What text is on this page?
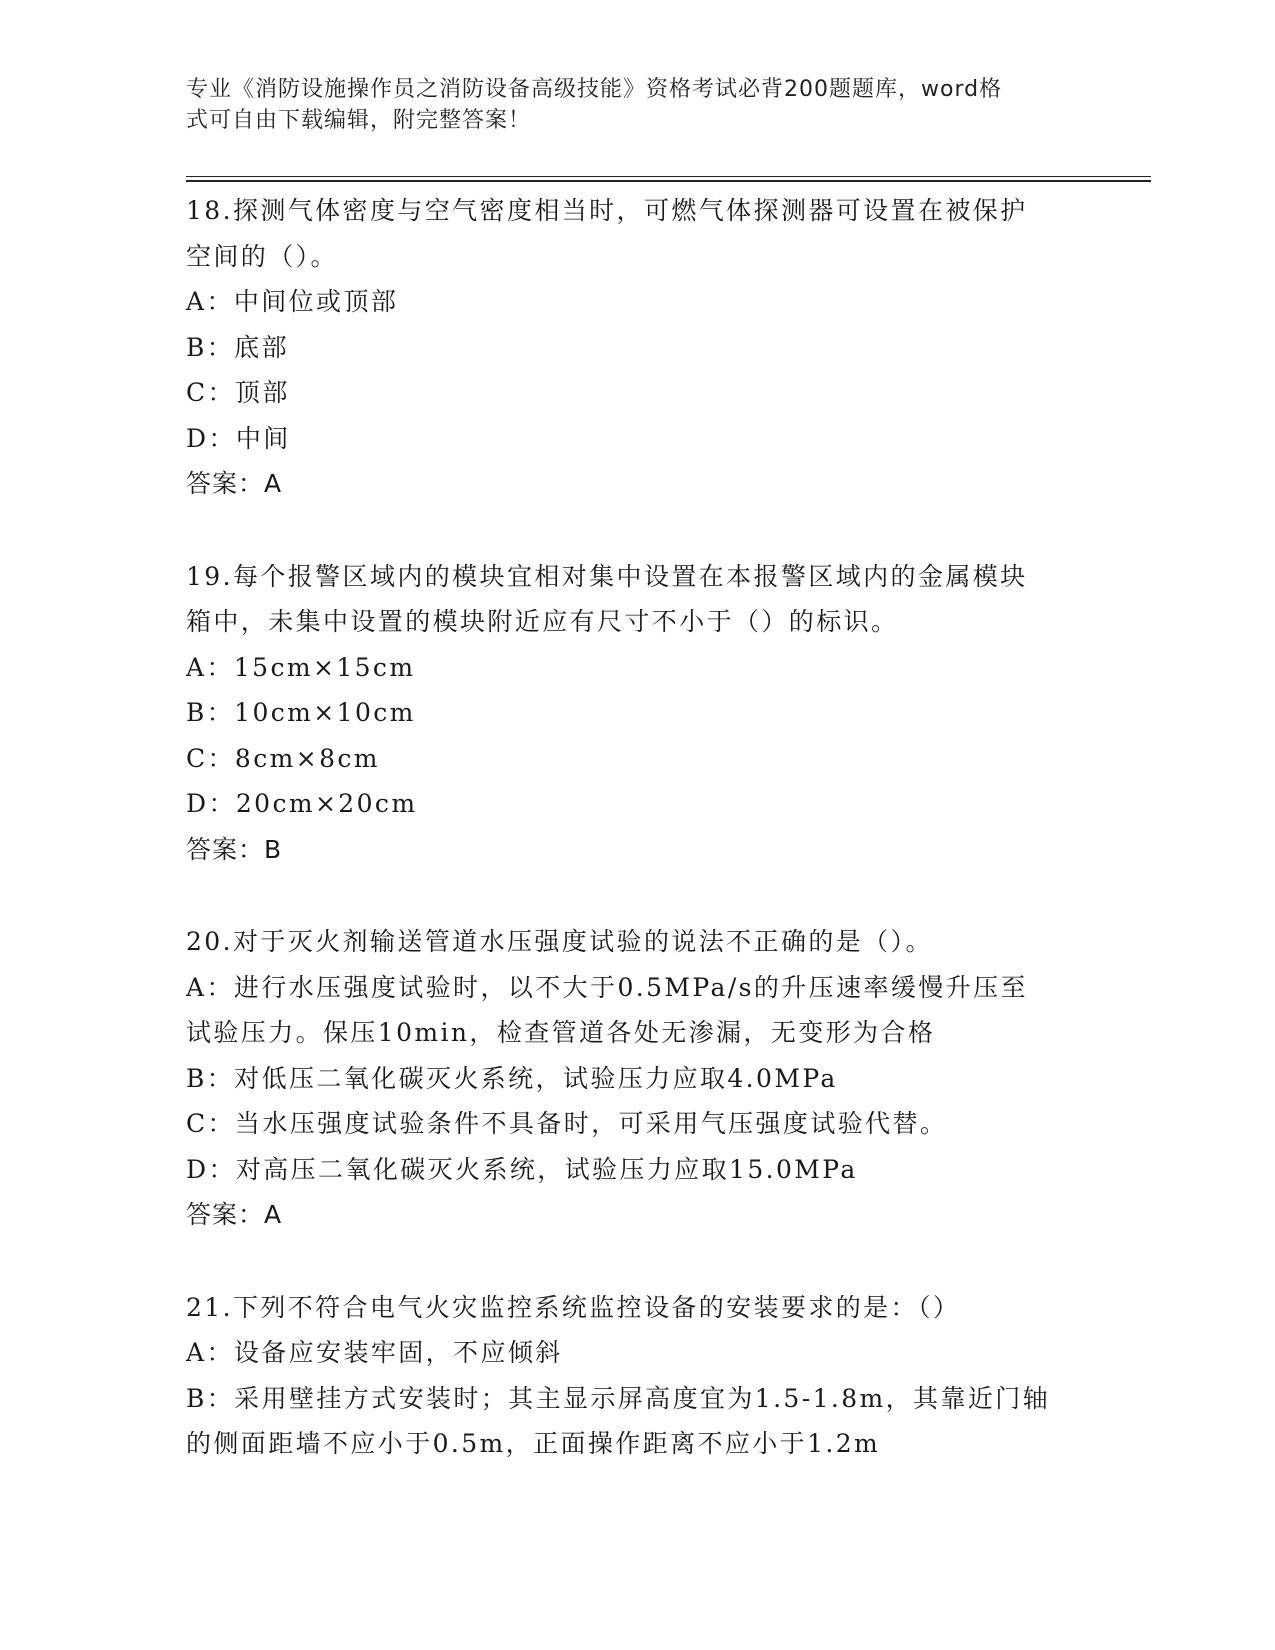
专业《消防设施操作员之消防设备高级技能》资格考试必背200题题库，word格
式可自由下载编辑，附完整答案！
18.探测气体密度与空气密度相当时，可燃气体探测器可设置在被保护
空间的（）。
A：中间位或顶部
B：底部
C：顶部
D：中间
答案：A
19.每个报警区域内的模块宜相对集中设置在本报警区域内的金属模块
箱中，未集中设置的模块附近应有尺寸不小于（）的标识。
A：15cm×15cm
B：10cm×10cm
C：8cm×8cm
D：20cm×20cm
答案：B
20.对于灭火剂输送管道水压强度试验的说法不正确的是（）。
A：进行水压强度试验时，以不大于0.5MPa/s的升压速率缓慢升压至
试验压力。保压10min，检查管道各处无渗漏，无变形为合格
B：对低压二氧化碳灭火系统，试验压力应取4.0MPa
C：当水压强度试验条件不具备时，可采用气压强度试验代替。
D：对高压二氧化碳灭火系统，试验压力应取15.0MPa
答案：A
21.下列不符合电气火灾监控系统监控设备的安装要求的是：（）
A：设备应安装牢固，不应倾斜
B：采用壁挂方式安装时；其主显示屏高度宜为1.5-1.8m，其靠近门轴
的侧面距墙不应小于0.5m，正面操作距离不应小于1.2m
